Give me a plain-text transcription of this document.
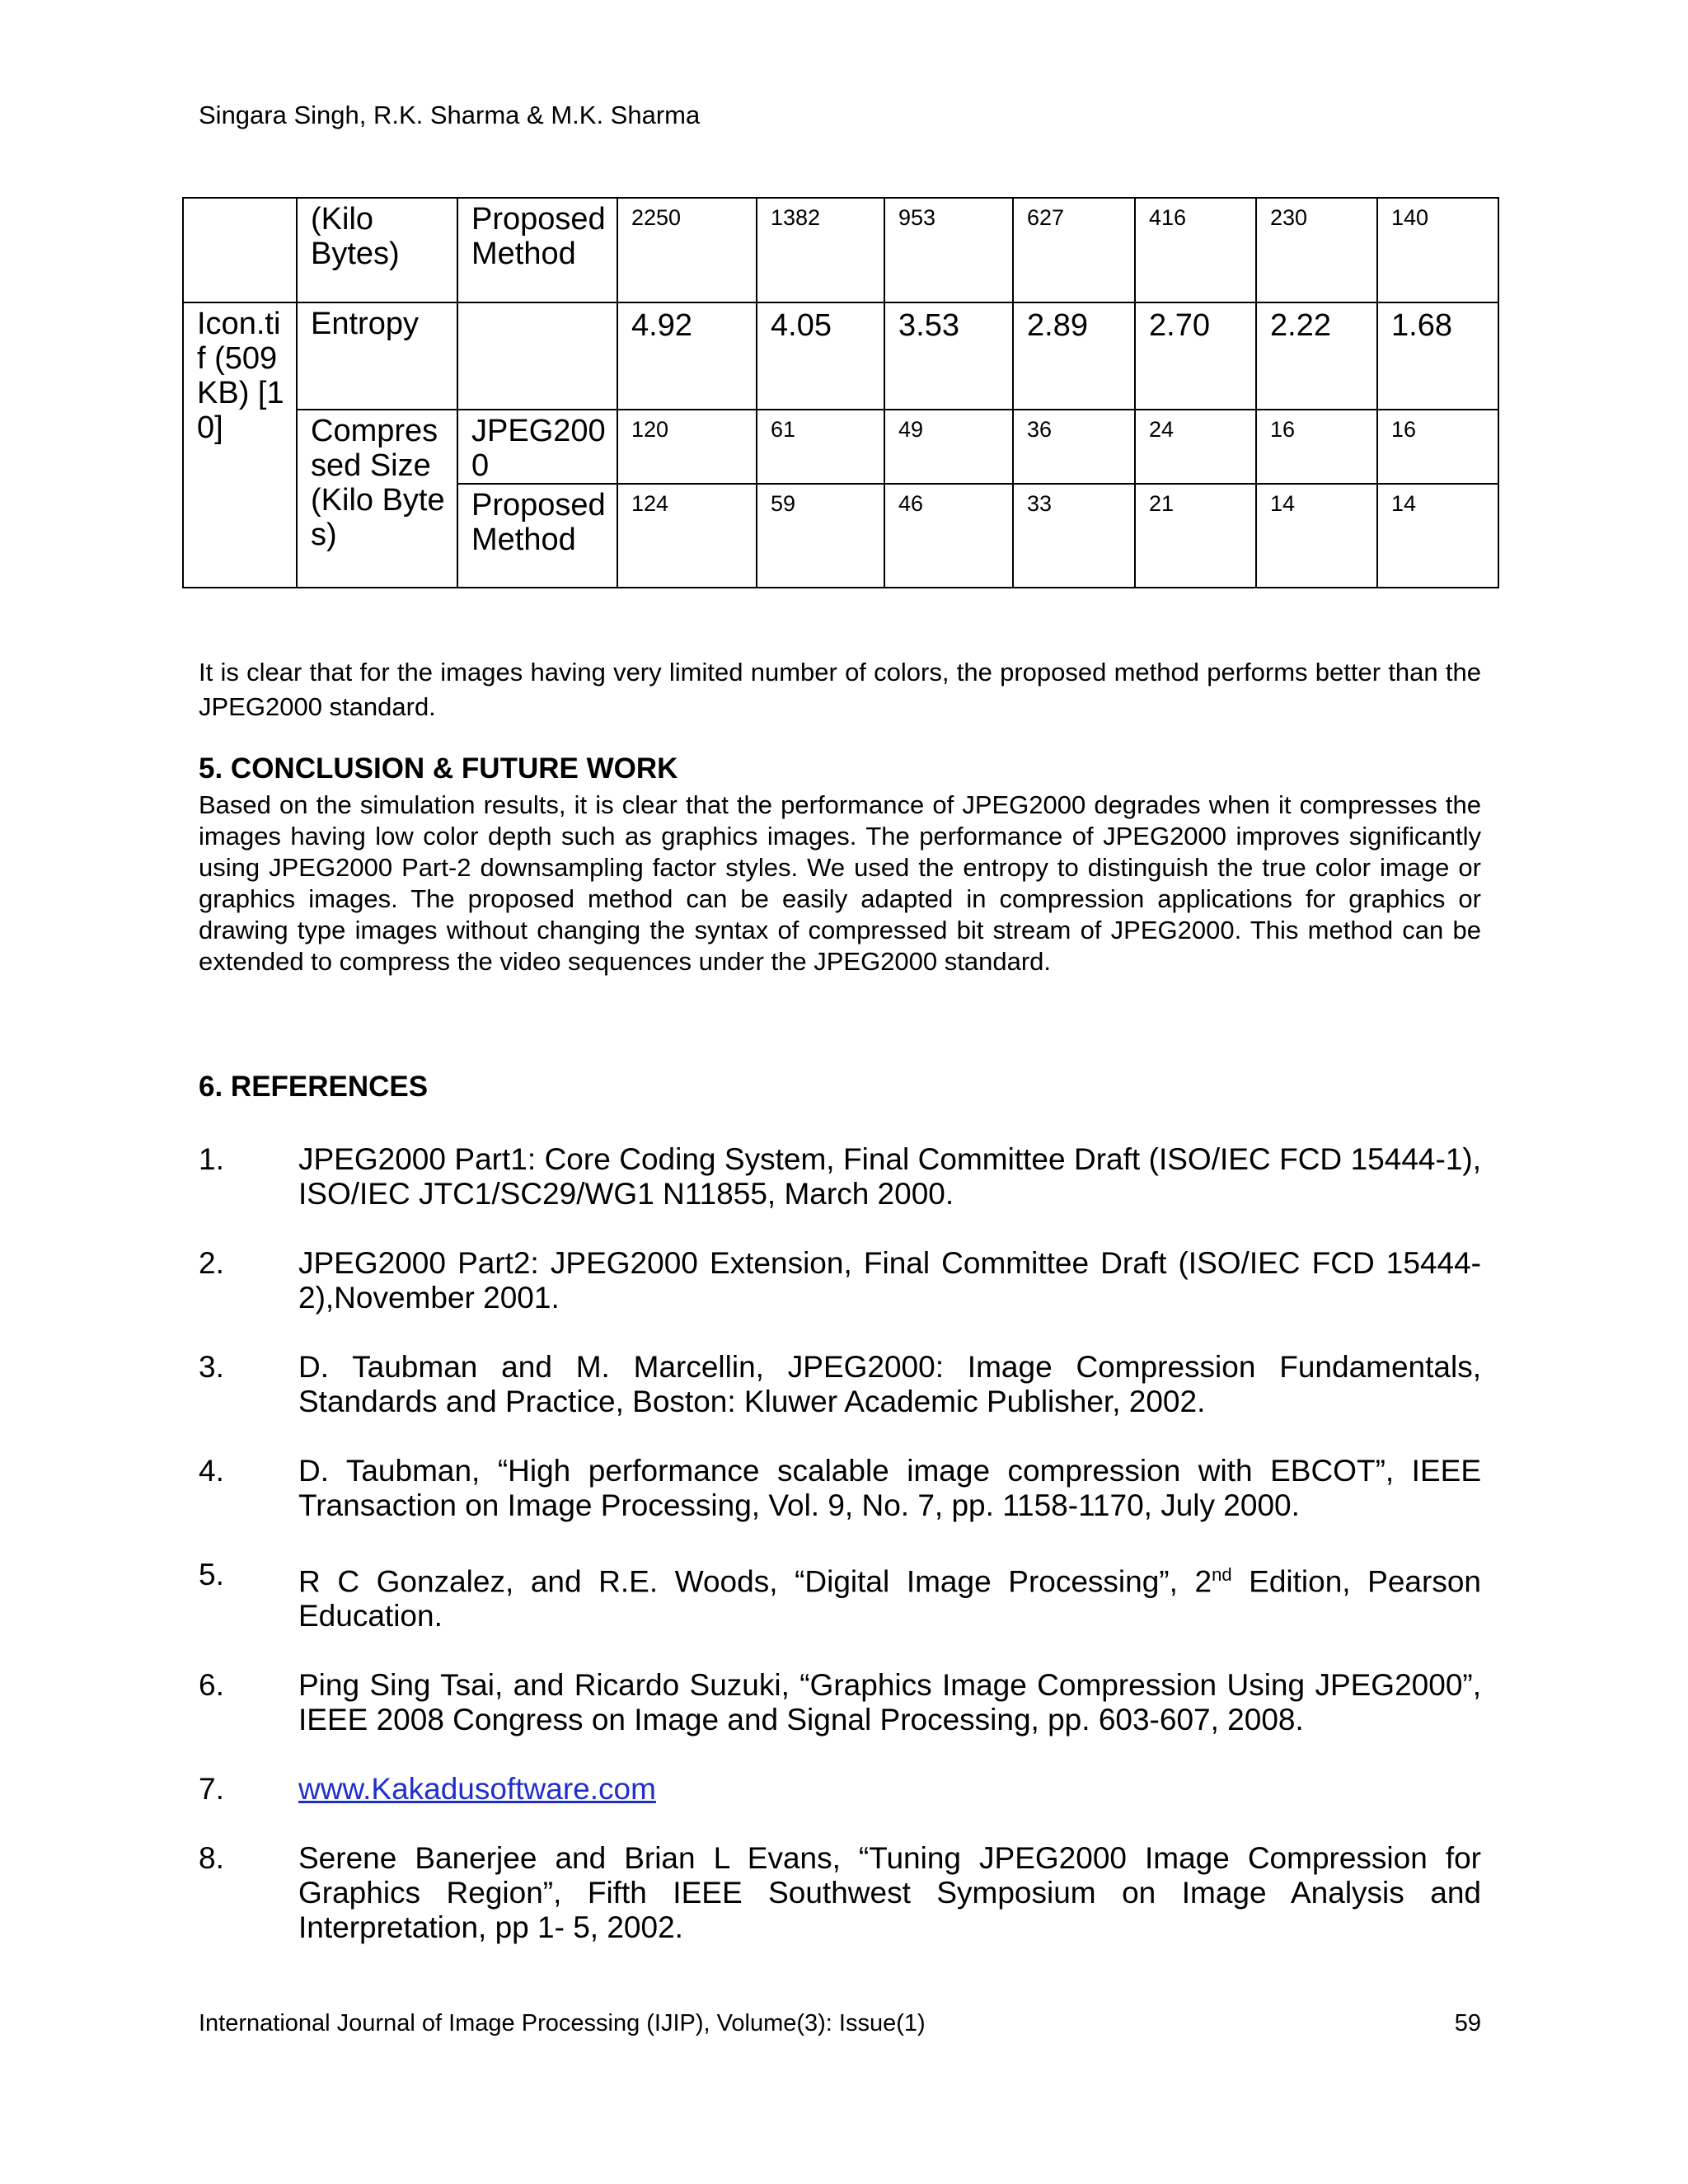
Singara Singh, R.K. Sharma & M.K. Sharma
	(Kilo Bytes)	Proposed Method	2250	1382	953	627	416	230	140
Icon.tif (509 KB) [10]	Entropy		4.92	4.05	3.53	2.89	2.70	2.22	1.68
	Compressed Size(Kilo Bytes)	JPEG2000	120	61	49	36	24	16	16
		Proposed Method	124	59	46	33	21	14	14

It is clear that for the images having very limited number of colors, the proposed method performs better than the JPEG2000 standard.

5. CONCLUSION & FUTURE WORK

Based on the simulation results, it is clear that the performance of JPEG2000 degrades when it compresses the images having low color depth such as graphics images. The performance of JPEG2000 improves significantly using JPEG2000 Part-2 downsampling factor styles. We used the entropy to distinguish the true color image or graphics images. The proposed method can be easily adapted in compression applications for graphics or drawing type images without changing the syntax of compressed bit stream of JPEG2000. This method can be extended to compress the video sequences under the JPEG2000 standard.

6. REFERENCES
1.	JPEG2000 Part1: Core Coding System, Final Committee Draft (ISO/IEC FCD 15444-1), ISO/IEC JTC1/SC29/WG1 N11855, March 2000.
2.	JPEG2000 Part2: JPEG2000 Extension, Final Committee Draft (ISO/IEC FCD 15444-2),November 2001.
3.	D. Taubman and M. Marcellin, JPEG2000: Image Compression Fundamentals, Standards and Practice, Boston: Kluwer Academic Publisher, 2002.
4.	D. Taubman, “High performance scalable image compression with EBCOT”, IEEE Transaction on Image Processing, Vol. 9, No. 7, pp. 1158-1170, July 2000.
5.	R C Gonzalez, and R.E. Woods, “Digital Image Processing”, 2nd Edition, Pearson Education.
6.	Ping Sing Tsai, and Ricardo Suzuki, “Graphics Image Compression Using JPEG2000”, IEEE 2008 Congress on Image and Signal Processing, pp. 603-607, 2008.
7.	www.Kakadusoftware.com
8.	Serene Banerjee and Brian L Evans, “Tuning JPEG2000 Image Compression for Graphics Region”, Fifth IEEE Southwest Symposium on Image Analysis and Interpretation, pp 1- 5, 2002.
International Journal of Image Processing (IJIP), Volume(3): Issue(1)	59
